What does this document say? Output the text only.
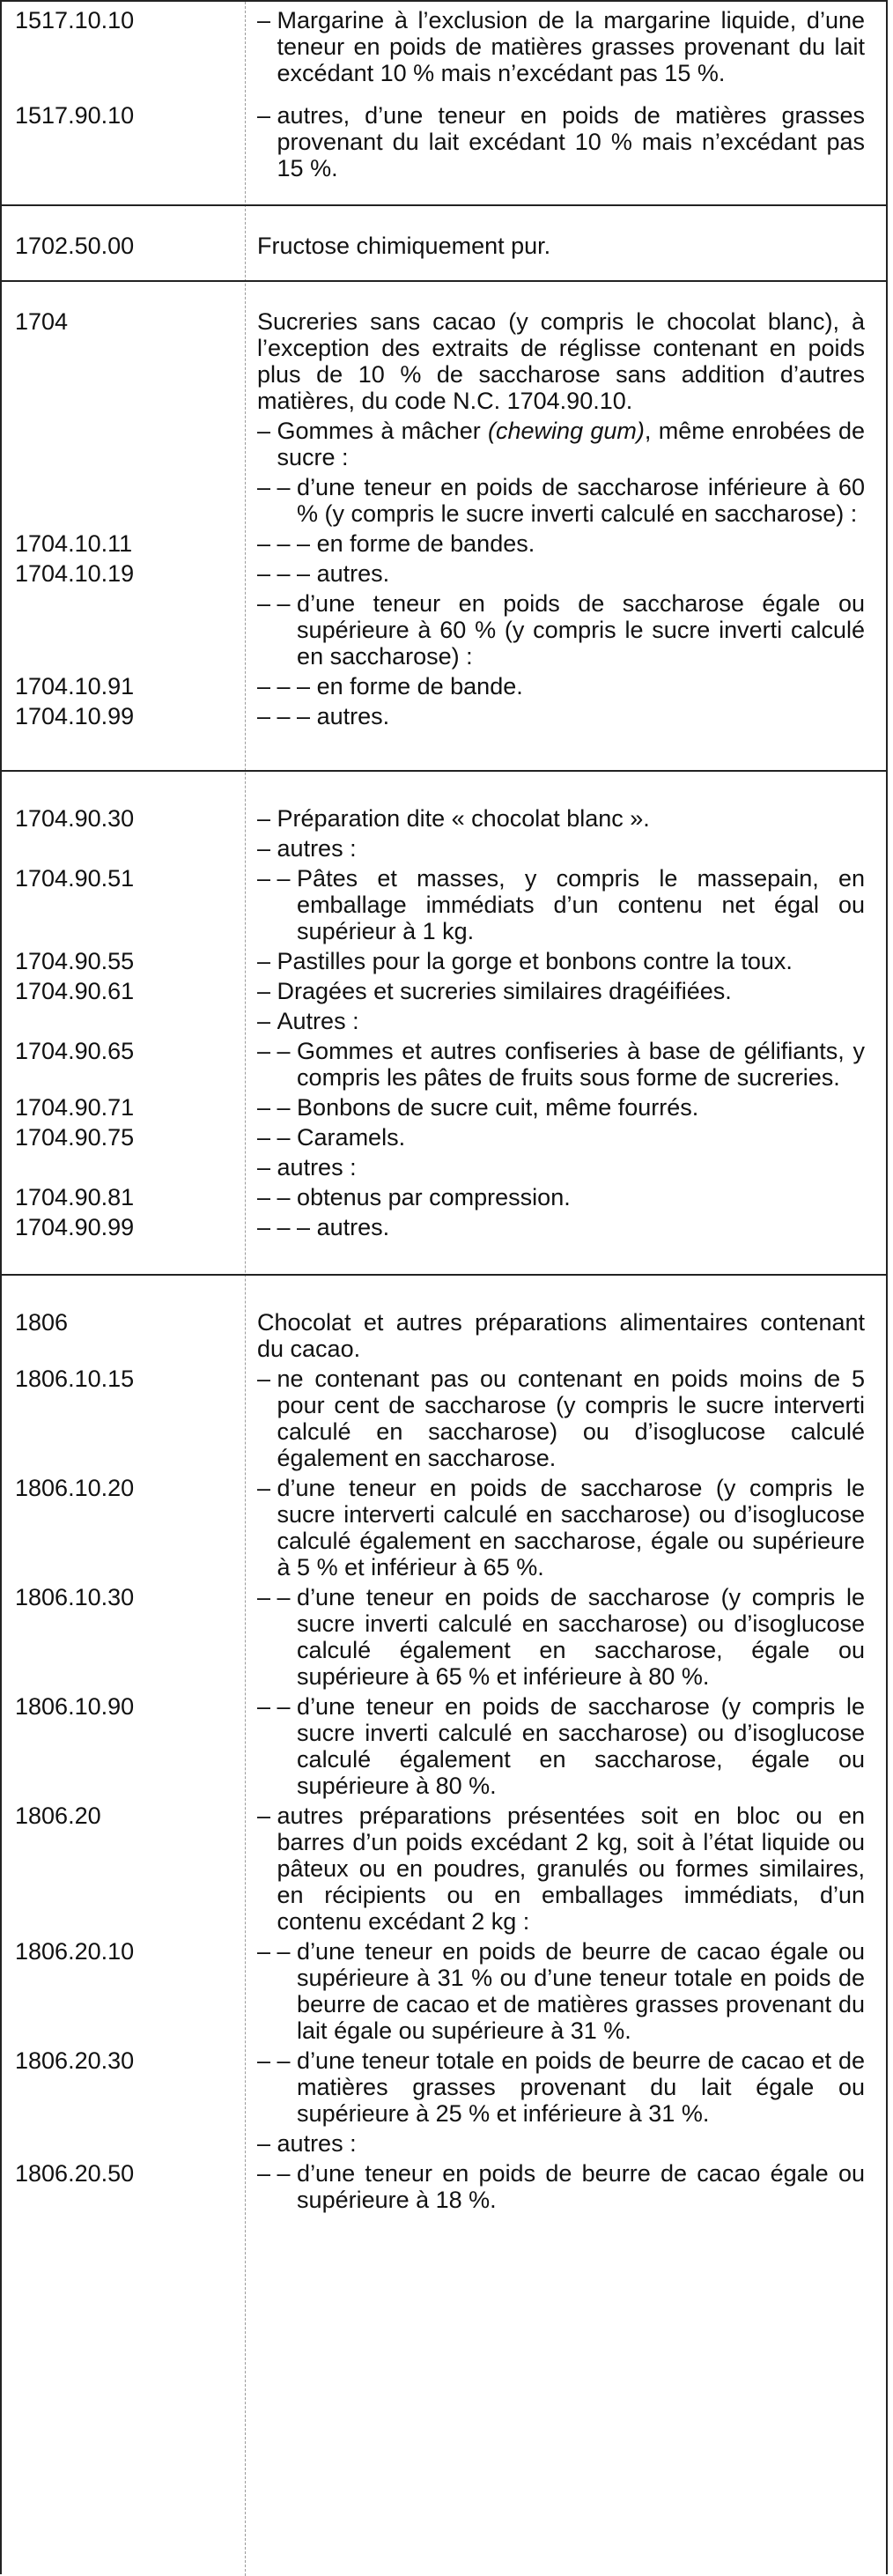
1517.10.10	– Margarine à l’exclusion de la margarine liquide, d’une teneur en poids de matières grasses provenant du lait excédant 10 % mais n’excédant pas 15 %.
1517.90.10	– autres, d’une teneur en poids de matières grasses provenant du lait excédant 10 % mais n’excédant pas 15 %.
1702.50.00	Fructose chimiquement pur.
1704	Sucreries sans cacao (y compris le chocolat blanc), à l’exception des extraits de réglisse contenant en poids plus de 10 % de saccharose sans addition d’autres matières, du code N.C. 1704.90.10.
– Gommes à mâcher (chewing gum), même enrobées de sucre :
– – d’une teneur en poids de saccharose inférieure à 60 % (y compris le sucre inverti calculé en saccharose) :
1704.10.11	– – – en forme de bandes.
1704.10.19	– – – autres.
– – d’une teneur en poids de saccharose égale ou supérieure à 60 % (y compris le sucre inverti calculé en saccharose) :
1704.10.91	– – – en forme de bande.
1704.10.99	– – – autres.
1704.90.30	– Préparation dite « chocolat blanc ».
– autres :
1704.90.51	– – Pâtes et masses, y compris le massepain, en emballage immédiats d’un contenu net égal ou supérieur à 1 kg.
1704.90.55	– Pastilles pour la gorge et bonbons contre la toux.
1704.90.61	– Dragées et sucreries similaires dragéifiées.
– Autres :
1704.90.65	– – Gommes et autres confiseries à base de gélifiants, y compris les pâtes de fruits sous forme de sucreries.
1704.90.71	– – Bonbons de sucre cuit, même fourrés.
1704.90.75	– – Caramels.
– autres :
1704.90.81	– – obtenus par compression.
1704.90.99	– – – autres.
1806	Chocolat et autres préparations alimentaires contenant du cacao.
1806.10.15	– ne contenant pas ou contenant en poids moins de 5 pour cent de saccharose (y compris le sucre interverti calculé en saccharose) ou d’isoglucose calculé également en saccharose.
1806.10.20	– d’une teneur en poids de saccharose (y compris le sucre interverti calculé en saccharose) ou d’isoglucose calculé également en saccharose, égale ou supérieure à 5 % et inférieur à 65 %.
1806.10.30	– – d’une teneur en poids de saccharose (y compris le sucre inverti calculé en saccharose) ou d’isoglucose calculé également en saccharose, égale ou supérieure à 65 % et inférieure à 80 %.
1806.10.90	– – d’une teneur en poids de saccharose (y compris le sucre inverti calculé en saccharose) ou d’isoglucose calculé également en saccharose, égale ou supérieure à 80 %.
1806.20	– autres préparations présentées soit en bloc ou en barres d’un poids excédant 2 kg, soit à l’état liquide ou pâteux ou en poudres, granulés ou formes similaires, en récipients ou en emballages immédiats, d’un contenu excédant 2 kg :
1806.20.10	– – d’une teneur en poids de beurre de cacao égale ou supérieure à 31 % ou d’une teneur totale en poids de beurre de cacao et de matières grasses provenant du lait égale ou supérieure à 31 %.
1806.20.30	– – d’une teneur totale en poids de beurre de cacao et de matières grasses provenant du lait égale ou supérieure à 25 % et inférieure à 31 %.
– autres :
1806.20.50	– – d’une teneur en poids de beurre de cacao égale ou supérieure à 18 %.
